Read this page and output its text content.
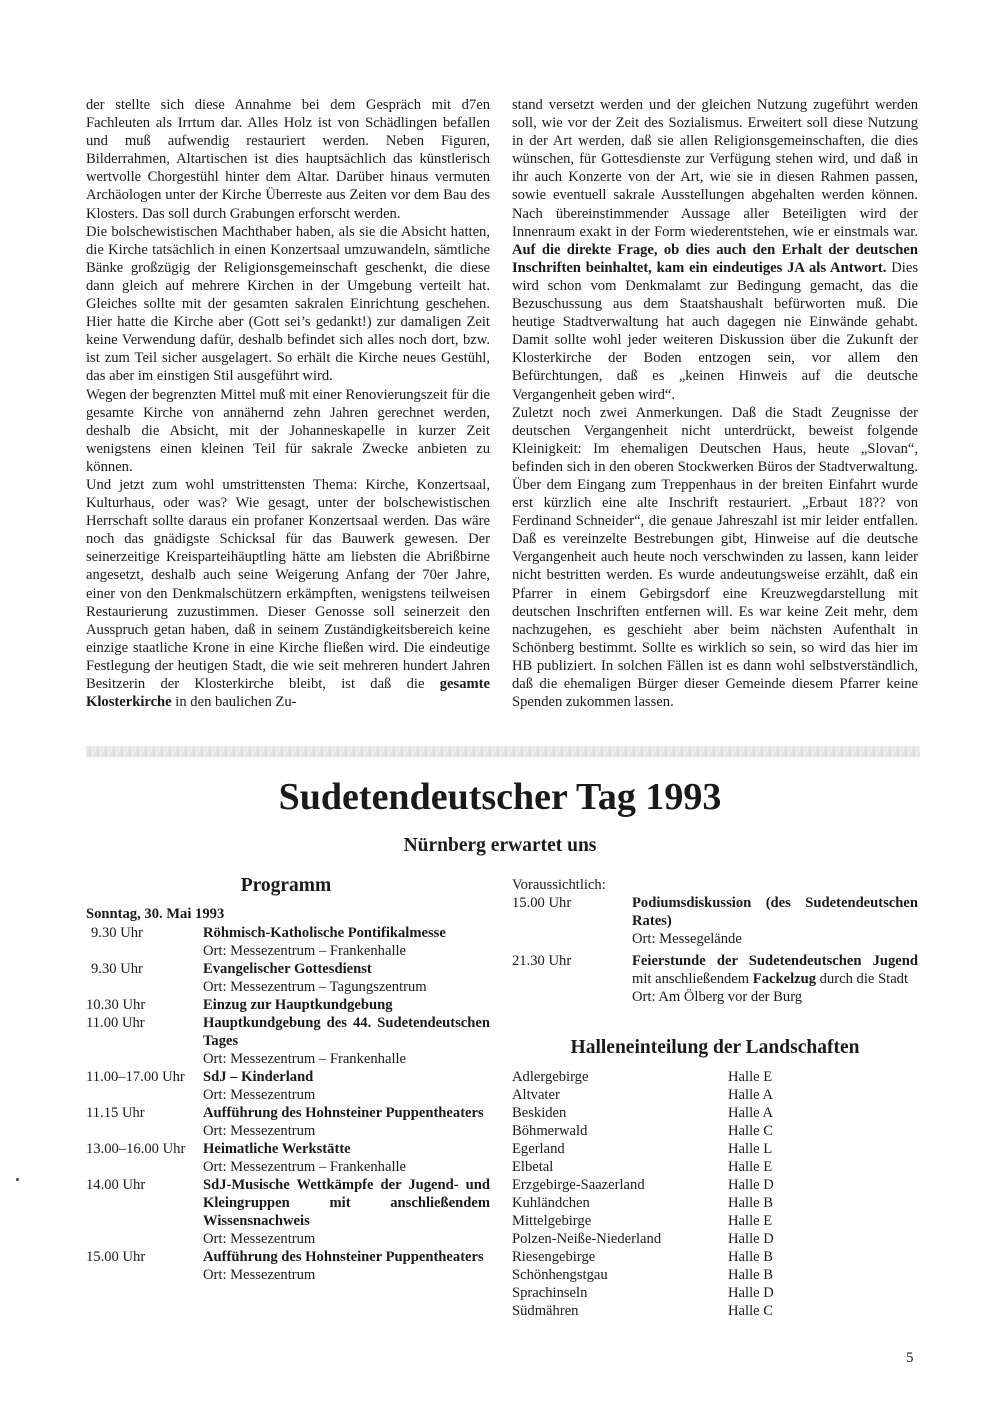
der stellte sich diese Annahme bei dem Gespräch mit d7en Fachleuten als Irrtum dar. Alles Holz ist von Schädlingen befallen und muß aufwendig restauriert werden. Neben Figuren, Bilderrahmen, Altartischen ist dies hauptsächlich das künstlerisch wertvolle Chorgestühl hinter dem Altar. Darüber hinaus vermuten Archäologen unter der Kirche Überreste aus Zeiten vor dem Bau des Klosters. Das soll durch Grabungen erforscht werden.

Die bolschewistischen Machthaber haben, als sie die Absicht hatten, die Kirche tatsächlich in einen Konzertsaal umzuwandeln, sämtliche Bänke großzügig der Religionsgemeinschaft geschenkt, die diese dann gleich auf mehrere Kirchen in der Umgebung verteilt hat. Gleiches sollte mit der gesamten sakralen Einrichtung geschehen. Hier hatte die Kirche aber (Gott sei’s gedankt!) zur damaligen Zeit keine Verwendung dafür, deshalb befindet sich alles noch dort, bzw. ist zum Teil sicher ausgelagert. So erhält die Kirche neues Gestühl, das aber im einstigen Stil ausgeführt wird.

Wegen der begrenzten Mittel muß mit einer Renovierungszeit für die gesamte Kirche von annähernd zehn Jahren gerechnet werden, deshalb die Absicht, mit der Johanneskapelle in kurzer Zeit wenigstens einen kleinen Teil für sakrale Zwecke anbieten zu können.

Und jetzt zum wohl umstrittensten Thema: Kirche, Konzertsaal, Kulturhaus, oder was? Wie gesagt, unter der bolschewistischen Herrschaft sollte daraus ein profaner Konzertsaal werden. Das wäre noch das gnädigste Schicksal für das Bauwerk gewesen. Der seinerzeitige Kreisparteihäuptling hätte am liebsten die Abrißbirne angesetzt, deshalb auch seine Weigerung Anfang der 70er Jahre, einer von den Denkmalschützern erkämpften, wenigstens teilweisen Restaurierung zuzustimmen. Dieser Genosse soll seinerzeit den Ausspruch getan haben, daß in seinem Zuständigkeitsbereich keine einzige staatliche Krone in eine Kirche fließen wird. Die eindeutige Festlegung der heutigen Stadt, die wie seit mehreren hundert Jahren Besitzerin der Klosterkirche bleibt, ist daß die gesamte Klosterkirche in den baulichen Zu-

stand versetzt werden und der gleichen Nutzung zugeführt werden soll, wie vor der Zeit des Sozialismus. Erweitert soll diese Nutzung in der Art werden, daß sie allen Religionsgemeinschaften, die dies wünschen, für Gottesdienste zur Verfügung stehen wird, und daß in ihr auch Konzerte von der Art, wie sie in diesen Rahmen passen, sowie eventuell sakrale Ausstellungen abgehalten werden können. Nach übereinstimmender Aussage aller Beteiligten wird der Innenraum exakt in der Form wiederentstehen, wie er einstmals war. Auf die direkte Frage, ob dies auch den Erhalt der deutschen Inschriften beinhaltet, kam ein eindeutiges JA als Antwort. Dies wird schon vom Denkmalamt zur Bedingung gemacht, das die Bezuschussung aus dem Staatshaushalt befürworten muß. Die heutige Stadtverwaltung hat auch dagegen nie Einwände gehabt. Damit sollte wohl jeder weiteren Diskussion über die Zukunft der Klosterkirche der Boden entzogen sein, vor allem den Befürchtungen, daß es „keinen Hinweis auf die deutsche Vergangenheit geben wird“.

Zuletzt noch zwei Anmerkungen. Daß die Stadt Zeugnisse der deutschen Vergangenheit nicht unterdrückt, beweist folgende Kleinigkeit: Im ehemaligen Deutschen Haus, heute „Slovan“, befinden sich in den oberen Stockwerken Büros der Stadtverwaltung. Über dem Eingang zum Treppenhaus in der breiten Einfahrt wurde erst kürzlich eine alte Inschrift restauriert. „Erbaut 18?? von Ferdinand Schneider“, die genaue Jahreszahl ist mir leider entfallen. Daß es vereinzelte Bestrebungen gibt, Hinweise auf die deutsche Vergangenheit auch heute noch verschwinden zu lassen, kann leider nicht bestritten werden. Es wurde andeutungsweise erzählt, daß ein Pfarrer in einem Gebirgsdorf eine Kreuzwegdarstellung mit deutschen Inschriften entfernen will. Es war keine Zeit mehr, dem nachzugehen, es geschieht aber beim nächsten Aufenthalt in Schönberg bestimmt. Sollte es wirklich so sein, so wird das hier im HB publiziert. In solchen Fällen ist es dann wohl selbstverständlich, daß die ehemaligen Bürger dieser Gemeinde diesem Pfarrer keine Spenden zukommen lassen.

Sudetendeutscher Tag 1993
Nürnberg erwartet uns
Programm
Sonntag, 30. Mai 1993
9.30 Uhr	Röhmisch-Katholische Pontifikalmesse
Ort: Messezentrum – Frankenhalle
9.30 Uhr	Evangelischer Gottesdienst
Ort: Messezentrum – Tagungszentrum
10.30 Uhr	Einzug zur Hauptkundgebung
11.00 Uhr	Hauptkundgebung des 44. Sudetendeutschen Tages
Ort: Messezentrum – Frankenhalle
11.00–17.00 Uhr	SdJ – Kinderland
Ort: Messezentrum
11.15 Uhr	Aufführung des Hohnsteiner Puppentheaters
Ort: Messezentrum
13.00–16.00 Uhr	Heimatliche Werkstätte
Ort: Messezentrum – Frankenhalle
14.00 Uhr	SdJ-Musische Wettkämpfe der Jugend- und Kleingruppen mit anschließendem Wissensnachweis
Ort: Messezentrum
15.00 Uhr	Aufführung des Hohnsteiner Puppentheaters
Ort: Messezentrum
Voraussichtlich:
15.00 Uhr	Podiumsdiskussion (des Sudetendeutschen Rates)
Ort: Messegelände
21.30 Uhr	Feierstunde der Sudetendeutschen Jugend mit anschließendem Fackelzug durch die Stadt
Ort: Am Ölberg vor der Burg
Halleneinteilung der Landschaften
Adlergebirge	Halle E
Altvater	Halle A
Beskiden	Halle A
Böhmerwald	Halle C
Egerland	Halle L
Elbetal	Halle E
Erzgebirge-Saazerland	Halle D
Kuhländchen	Halle B
Mittelgebirge	Halle E
Polzen-Neiße-Niederland	Halle D
Riesengebirge	Halle B
Schönhengstgau	Halle B
Sprachinseln	Halle D
Südmähren	Halle C
5
